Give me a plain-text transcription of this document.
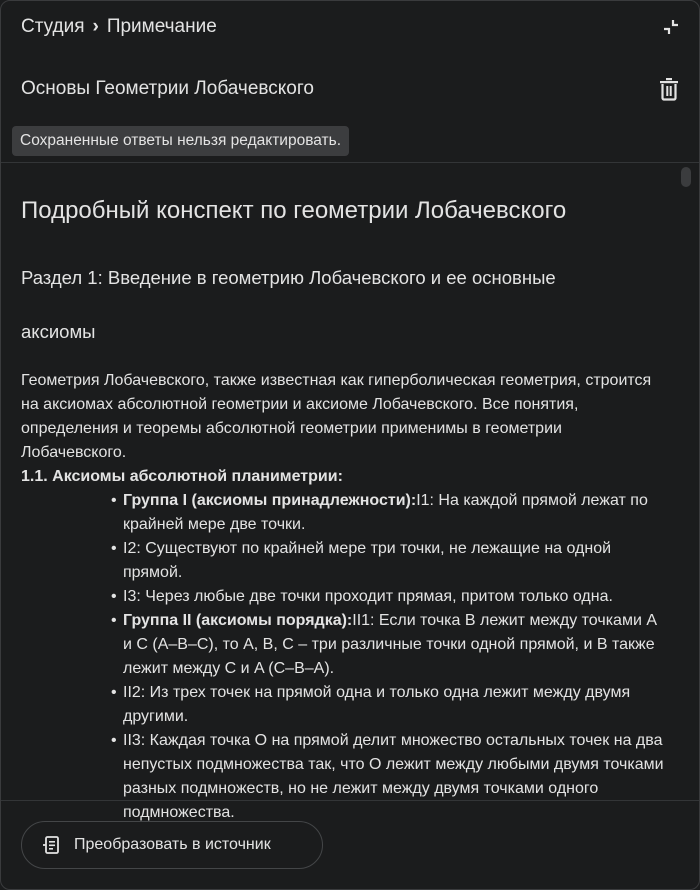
Студия › Примечание
Основы Геометрии Лобачевского
Сохраненные ответы нельзя редактировать.
Подробный конспект по геометрии Лобачевского
Раздел 1: Введение в геометрию Лобачевского и ее основные
аксиомы

Геометрия Лобачевского, также известная как гиперболическая геометрия, строится на аксиомах абсолютной геометрии и аксиоме Лобачевского. Все понятия, определения и теоремы абсолютной геометрии применимы в геометрии Лобачевского.

1.1. Аксиомы абсолютной планиметрии:

• Группа I (аксиомы принадлежности):I1: На каждой прямой лежат по крайней мере две точки.
• I2: Существуют по крайней мере три точки, не лежащие на одной прямой.
• I3: Через любые две точки проходит прямая, притом только одна.
• Группа II (аксиомы порядка):II1: Если точка B лежит между точками A и C (A–B–C), то A, B, C – три различные точки одной прямой, и B также лежит между C и A (C–B–A).
• II2: Из трех точек на прямой одна и только одна лежит между двумя другими.
• II3: Каждая точка O на прямой делит множество остальных точек на два непустых подмножества так, что O лежит между любыми двумя точками разных подмножеств, но не лежит между двумя точками одного подмножества.
Преобразовать в источник
